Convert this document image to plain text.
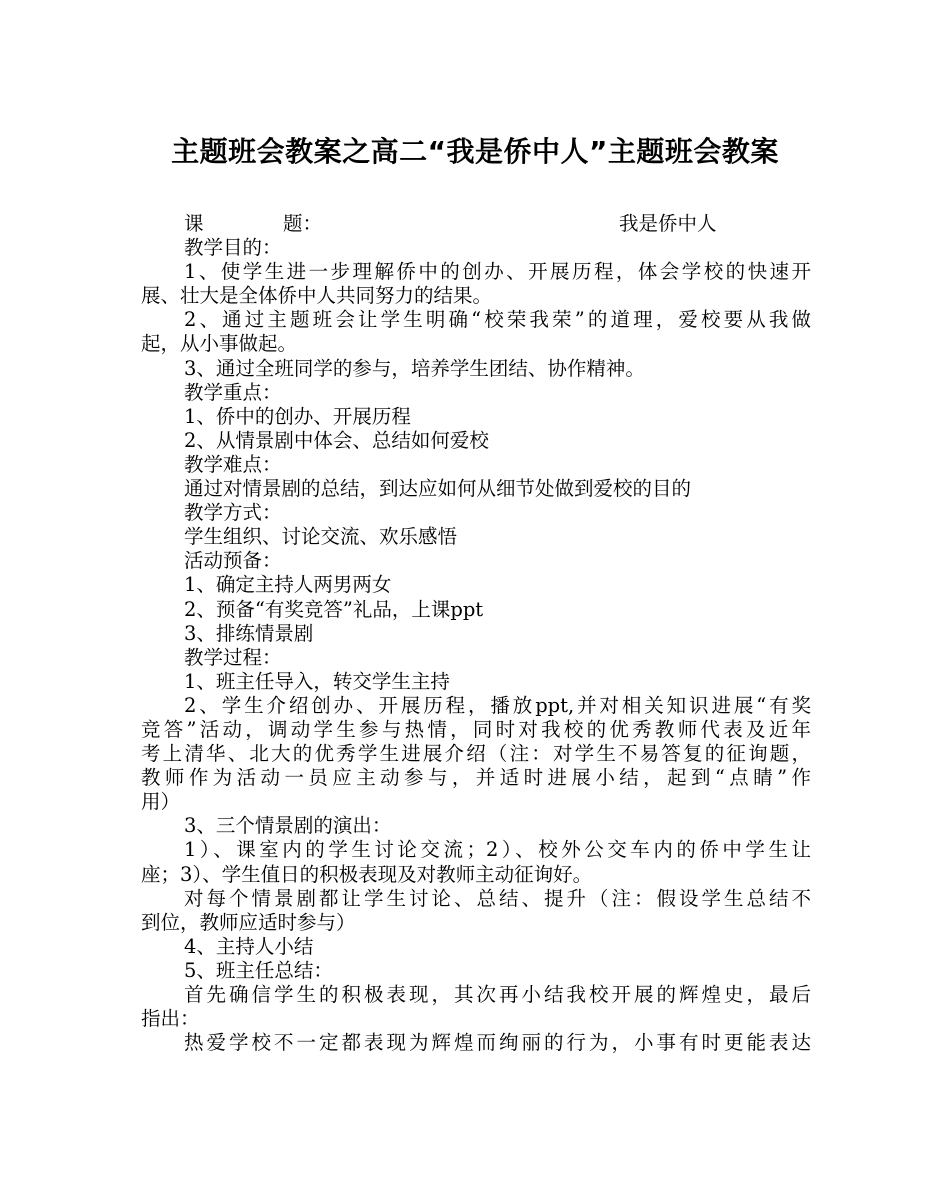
主题班会教案之高二“我是侨中人”主题班会教案
课	题：	我是侨中人
教学目的：
1、使学生进一步理解侨中的创办、开展历程，体会学校的快速开
展、壮大是全体侨中人共同努力的结果。
2、通过主题班会让学生明确“校荣我荣”的道理，爱校要从我做
起，从小事做起。
3、通过全班同学的参与，培养学生团结、协作精神。
教学重点：
1、侨中的创办、开展历程
2、从情景剧中体会、总结如何爱校
教学难点：
通过对情景剧的总结，到达应如何从细节处做到爱校的目的
教学方式：
学生组织、讨论交流、欢乐感悟
活动预备：
1、确定主持人两男两女
2、预备“有奖竞答”礼品，上课ppt
3、排练情景剧
教学过程：
1、班主任导入，转交学生主持
2、学生介绍创办、开展历程，播放ppt,并对相关知识进展“有奖
竞答”活动，调动学生参与热情，同时对我校的优秀教师代表及近年
考上清华、北大的优秀学生进展介绍（注：对学生不易答复的征询题，
教师作为活动一员应主动参与，并适时进展小结，起到“点睛”作
用）
3、三个情景剧的演出：
1）、课室内的学生讨论交流；2）、校外公交车内的侨中学生让
座；3）、学生值日的积极表现及对教师主动征询好。
对每个情景剧都让学生讨论、总结、提升（注：假设学生总结不
到位，教师应适时参与）
4、主持人小结
5、班主任总结：
首先确信学生的积极表现，其次再小结我校开展的辉煌史，最后
指出：
热爱学校不一定都表现为辉煌而绚丽的行为，小事有时更能表达
